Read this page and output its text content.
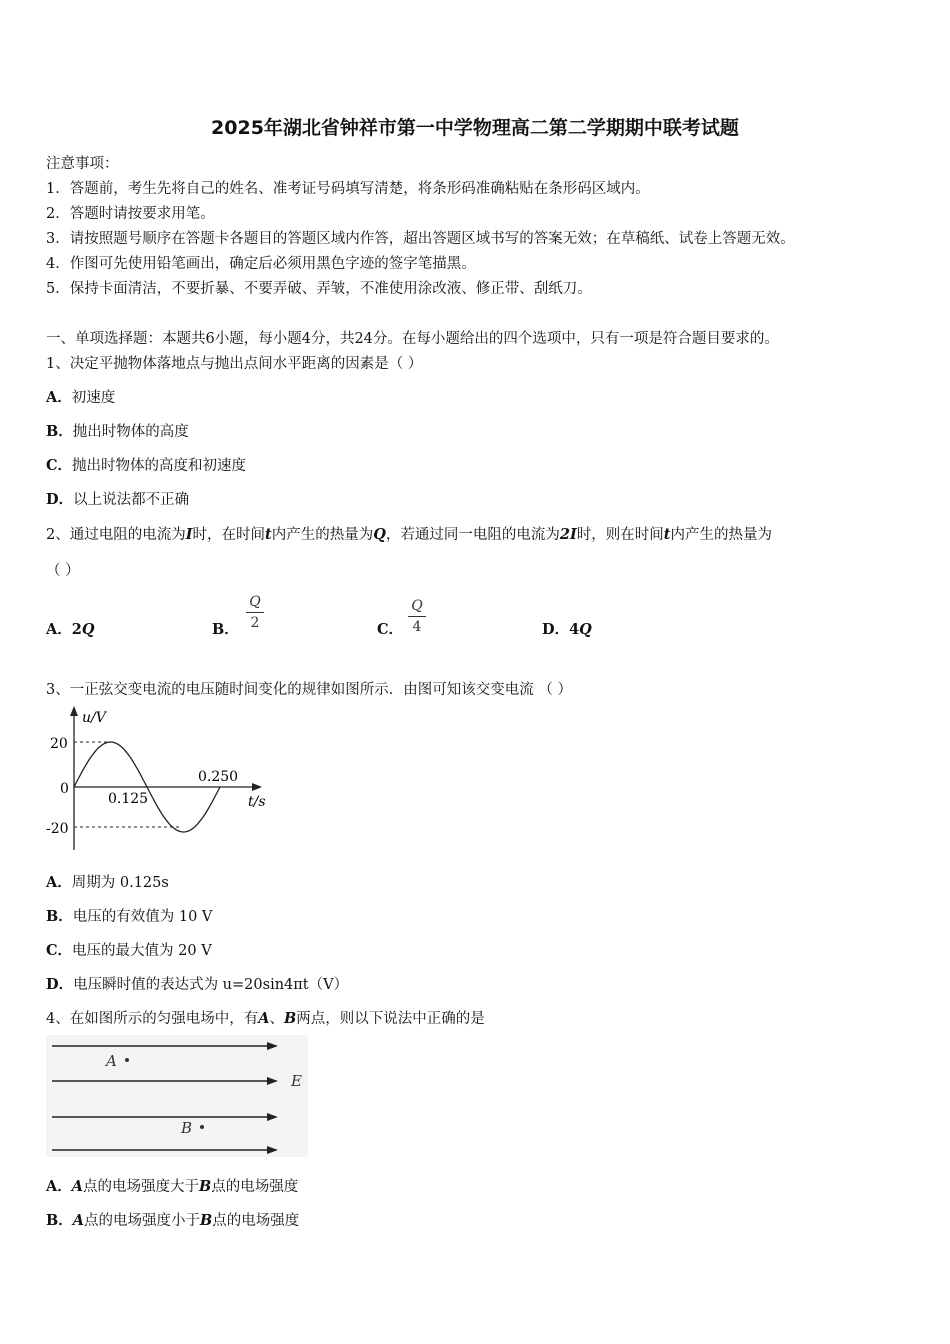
2025年湖北省钟祥市第一中学物理高二第二学期期中联考试题
注意事项：
1．答题前，考生先将自己的姓名、准考证号码填写清楚，将条形码准确粘贴在条形码区域内。
2．答题时请按要求用笔。
3．请按照题号顺序在答题卡各题目的答题区域内作答，超出答题区域书写的答案无效；在草稿纸、试卷上答题无效。
4．作图可先使用铅笔画出，确定后必须用黑色字迹的签字笔描黑。
5．保持卡面清洁，不要折暴、不要弄破、弄皱，不准使用涂改液、修正带、刮纸刀。
一、单项选择题：本题共6小题，每小题4分，共24分。在每小题给出的四个选项中，只有一项是符合题目要求的。
1、决定平抛物体落地点与抛出点间水平距离的因素是（ ）
A．初速度
B．抛出时物体的高度
C．抛出时物体的高度和初速度
D．以上说法都不正确
2、通过电阻的电流为I时，在时间t内产生的热量为Q，若通过同一电阻的电流为2I时，则在时间t内产生的热量为
（ ）
A．2Q	B．
Q
2	C．
Q
4	D．4Q
3、一正弦交变电流的电压随时间变化的规律如图所示．由图可知该交变电流 （ ）
u/V
20
0
-20
0.125
0.250
t/s
A．周期为 0.125s
B．电压的有效值为 10 V
C．电压的最大值为 20 V
D．电压瞬时值的表达式为 u=20sin4πt（V）
4、在如图所示的匀强电场中，有A、B两点，则以下说法中正确的是
A
B
E
A．A点的电场强度大于B点的电场强度
B．A点的电场强度小于B点的电场强度
